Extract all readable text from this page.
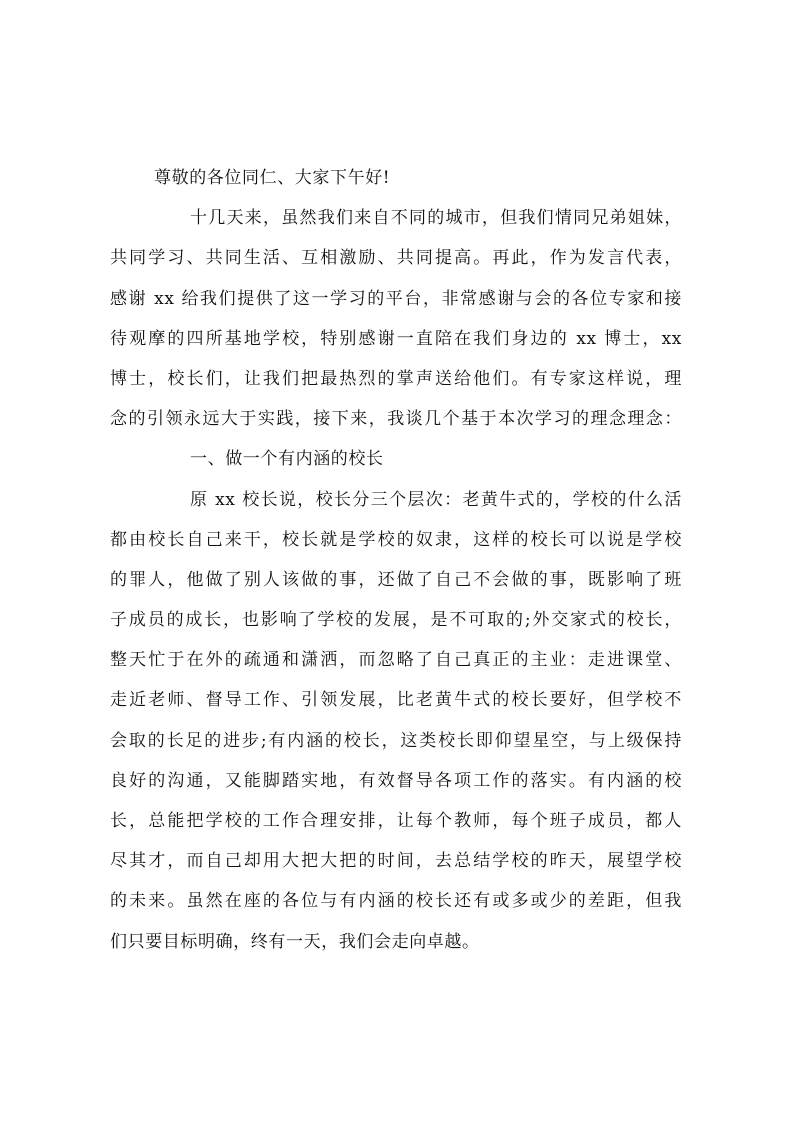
尊敬的各位同仁、大家下午好!
十几天来，虽然我们来自不同的城市，但我们情同兄弟姐妹，
共同学习、共同生活、互相激励、共同提高。再此，作为发言代表，
感谢 xx 给我们提供了这一学习的平台，非常感谢与会的各位专家和接
待观摩的四所基地学校，特别感谢一直陪在我们身边的 xx 博士，xx
博士，校长们，让我们把最热烈的掌声送给他们。有专家这样说，理
念的引领永远大于实践，接下来，我谈几个基于本次学习的理念理念：
一、做一个有内涵的校长
原 xx 校长说，校长分三个层次：老黄牛式的，学校的什么活
都由校长自己来干，校长就是学校的奴隶，这样的校长可以说是学校
的罪人，他做了别人该做的事，还做了自己不会做的事，既影响了班
子成员的成长，也影响了学校的发展，是不可取的;外交家式的校长，
整天忙于在外的疏通和潇洒，而忽略了自己真正的主业：走进课堂、
走近老师、督导工作、引领发展，比老黄牛式的校长要好，但学校不
会取的长足的进步;有内涵的校长，这类校长即仰望星空，与上级保持
良好的沟通，又能脚踏实地，有效督导各项工作的落实。有内涵的校
长，总能把学校的工作合理安排，让每个教师，每个班子成员，都人
尽其才，而自己却用大把大把的时间，去总结学校的昨天，展望学校
的未来。虽然在座的各位与有内涵的校长还有或多或少的差距，但我
们只要目标明确，终有一天，我们会走向卓越。
